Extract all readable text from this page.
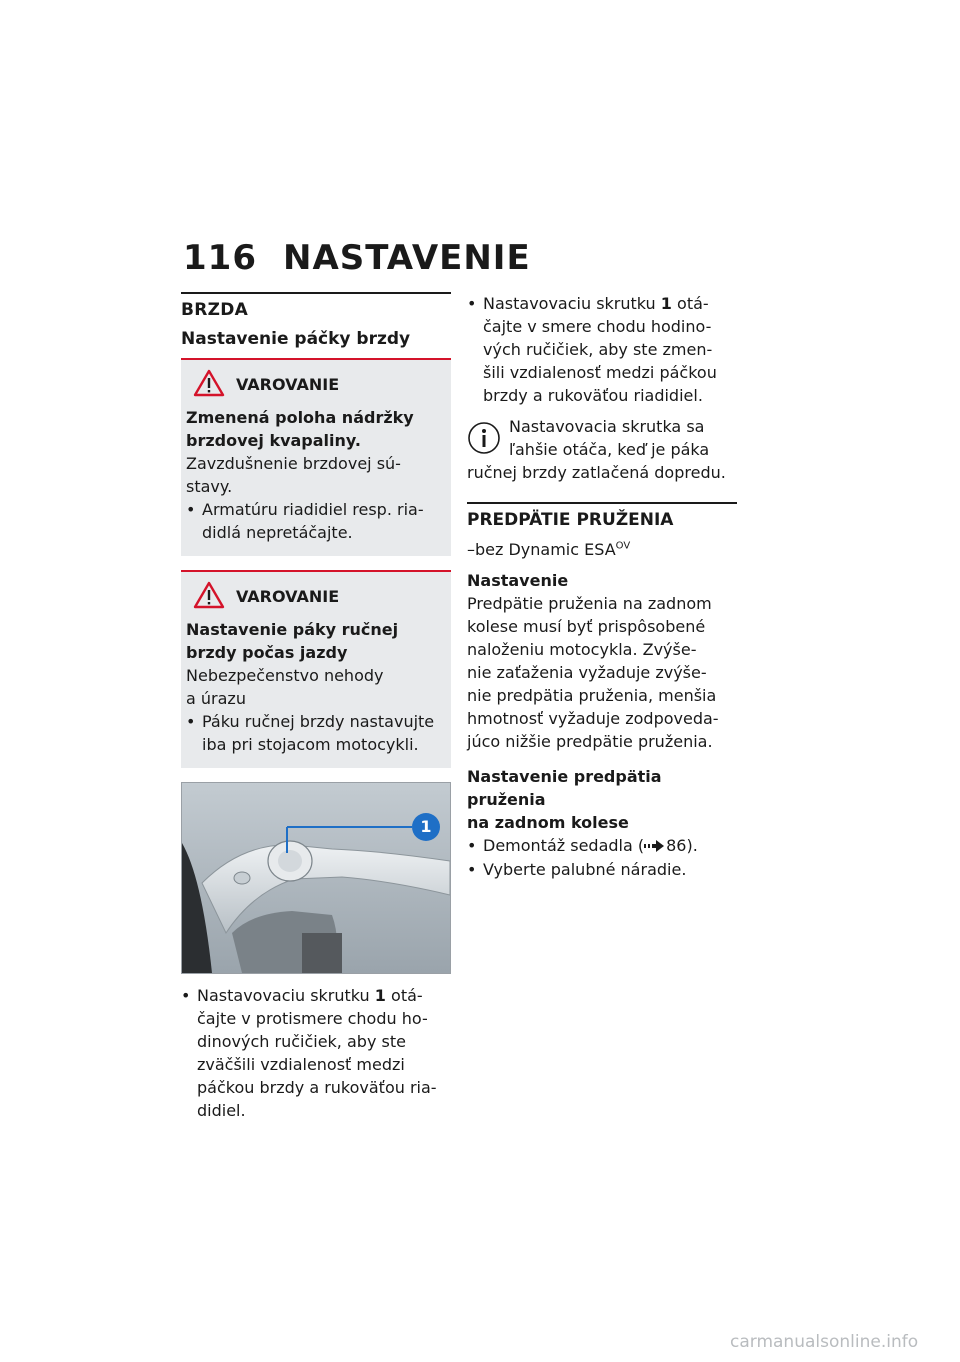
116 NASTAVENIE
BRZDA
Nastavenie páčky brzdy
VAROVANIE
Zmenená poloha nádržky
brzdovej kvapaliny.
Zavzdušnenie brzdovej sú-
stavy.
• Armatúru riadidiel resp. ria-
didlá nepretáčajte.
VAROVANIE
Nastavenie páky ručnej
brzdy počas jazdy
Nebezpečenstvo nehody
a úrazu
• Páku ručnej brzdy nastavujte
iba pri stojacom motocykli.
1
• Nastavovaciu skrutku 1 otá-
čajte v protismere chodu ho-
dinových ručičiek, aby ste
zväčšili vzdialenosť medzi
páčkou brzdy a rukoväťou ria-
didiel.
• Nastavovaciu skrutku 1 otá-
čajte v smere chodu hodino-
vých ručičiek, aby ste zmen-
šili vzdialenosť medzi páčkou
brzdy a rukoväťou riadidiel.
Nastavovacia skrutka sa
ľahšie otáča, keď je páka
ručnej brzdy zatlačená dopredu.
PREDPÄTIE PRUŽENIA
–bez Dynamic $ESA^{OV}$
Nastavenie
Predpätie pruženia na zadnom
kolese musí byť prispôsobené
naloženiu motocykla. Zvýše-
nie zaťaženia vyžaduje zvýše-
nie predpätia pruženia, menšia
hmotnosť vyžaduje zodpoveda-
júco nižšie predpätie pruženia.
Nastavenie predpätia pruženia
na zadnom kolese
• Demontáž sedadla ( 86).
• Vyberte palubné náradie.
carmanualsonline.info
